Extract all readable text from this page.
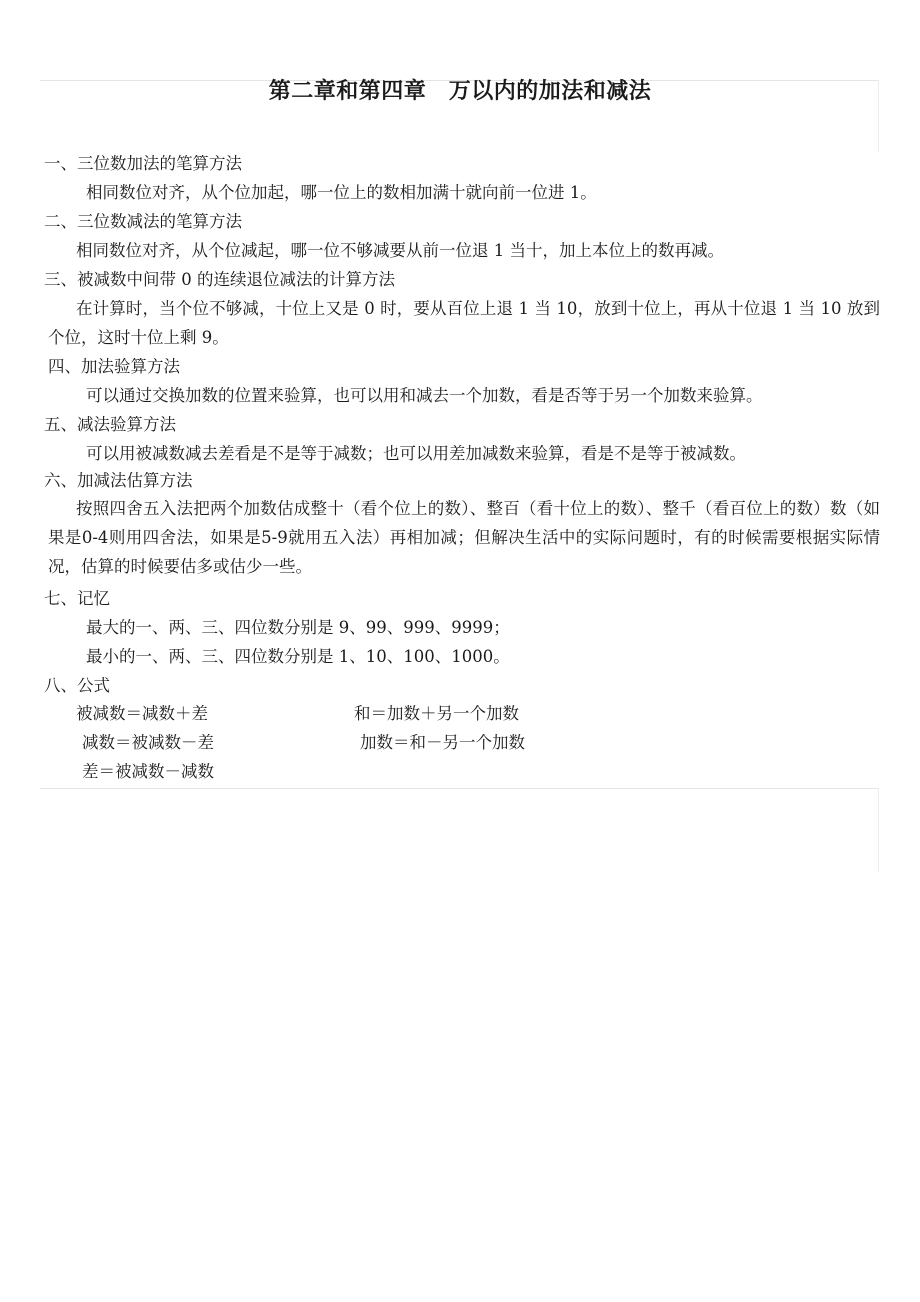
第二章和第四章　万以内的加法和减法
一、三位数加法的笔算方法
相同数位对齐，从个位加起，哪一位上的数相加满十就向前一位进 1。
二、三位数减法的笔算方法
相同数位对齐，从个位减起，哪一位不够减要从前一位退 1 当十，加上本位上的数再减。
三、被减数中间带 0 的连续退位减法的计算方法
在计算时，当个位不够减，十位上又是 0 时，要从百位上退 1 当 10，放到十位上，再从十位退 1 当 10 放到个位，这时十位上剩 9。
四、加法验算方法
可以通过交换加数的位置来验算，也可以用和减去一个加数，看是否等于另一个加数来验算。
五、减法验算方法
可以用被减数减去差看是不是等于减数；也可以用差加减数来验算，看是不是等于被减数。
六、加减法估算方法
按照四舍五入法把两个加数估成整十（看个位上的数）、整百（看十位上的数）、整千（看百位上的数）数（如果是0-4则用四舍法，如果是5-9就用五入法）再相加减；但解决生活中的实际问题时，有的时候需要根据实际情况，估算的时候要估多或估少一些。
七、记忆
最大的一、两、三、四位数分别是 9、99、999、9999；
最小的一、两、三、四位数分别是 1、10、100、1000。
八、公式
被减数＝减数＋差	和＝加数＋另一个加数
减数＝被减数－差	加数＝和－另一个加数
差＝被减数－减数
